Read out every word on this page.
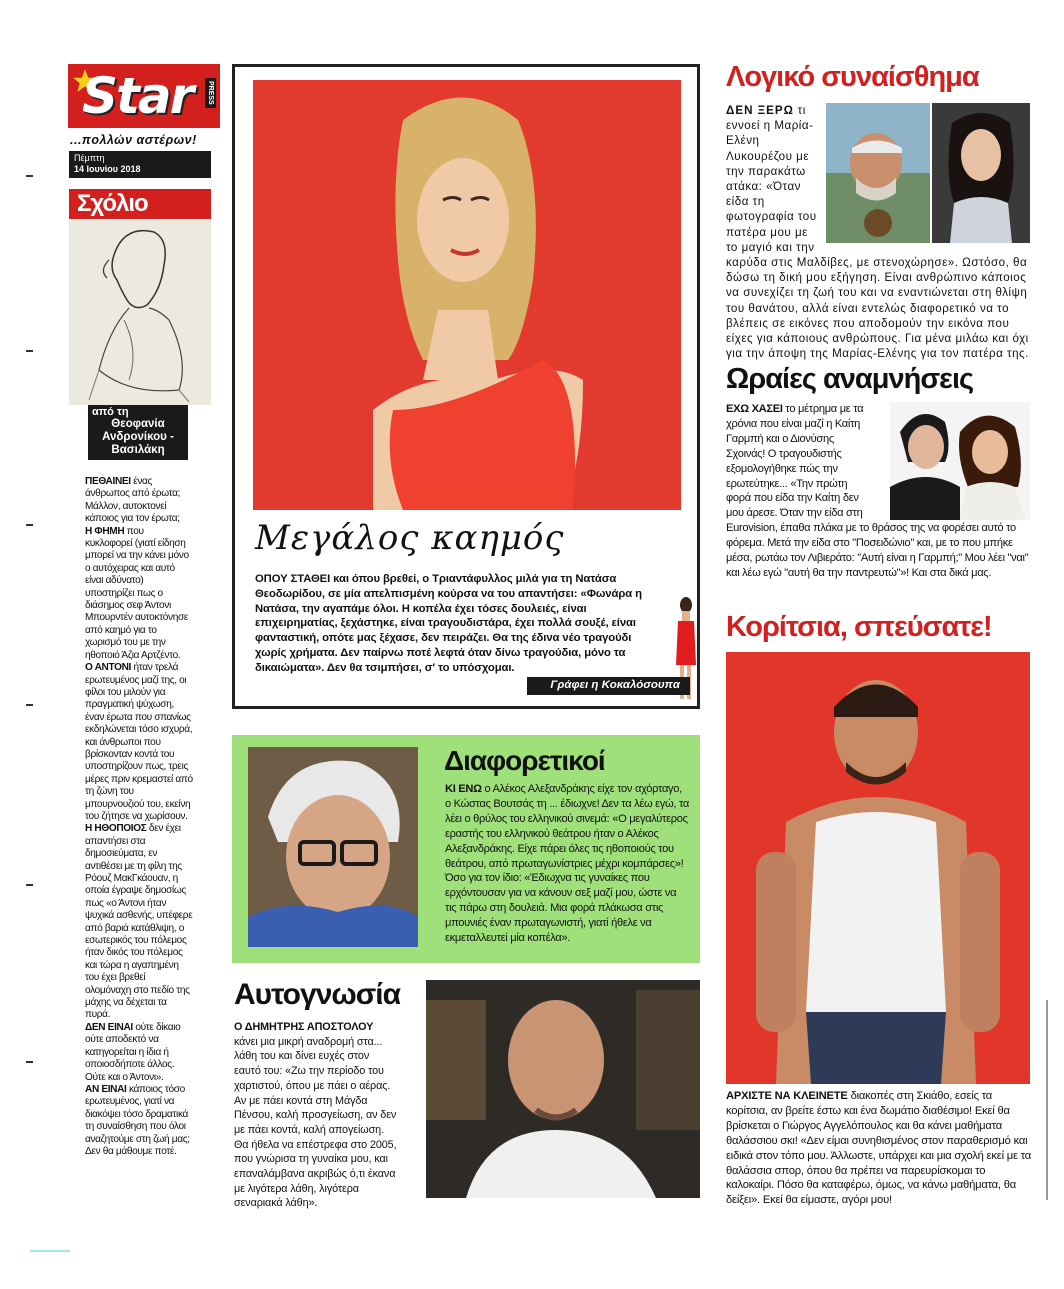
Star PRESS
...πολλών αστέρων!
Πέμπτη
14 Ιουνίου 2018
Σχόλιο
από τη
Θεοφανία Ανδρονίκου - Βασιλάκη

ΠΕΘΑΙΝΕΙ ένας άνθρωπος από έρωτα; Μάλλον, αυτοκτονεί κάποιος για τον έρωτα;

Η ΦΗΜΗ που κυκλοφορεί (γιατί είδηση μπορεί να την κάνει μόνο ο αυτόχειρας και αυτό είναι αδύνατο) υποστηρίζει πως ο διάσημος σεφ Άντονι Μπουρντέν αυτοκτόνησε από καημό για το χωρισμό του με την ηθοποιό Άζια Αρτζέντο.

Ο ΑΝΤΟΝΙ ήταν τρελά ερωτευμένος μαζί της, οι φίλοι του μιλούν για πραγματική ψύχωση, έναν έρωτα που σπανίως εκδηλώνεται τόσο ισχυρά, και άνθρωποι που βρίσκονταν κοντά του υποστηρίζουν πως, τρεις μέρες πριν κρεμαστεί από τη ζώνη του μπουρνουζιού του, εκείνη του ζήτησε να χωρίσουν.

Η ΗΘΟΠΟΙΟΣ δεν έχει απαντήσει στα δημοσιεύματα, εν αντιθέσει με τη φίλη της Ρόουζ ΜακΓκάουαν, η οποία έγραψε δημοσίως πως «ο Άντονι ήταν ψυχικά ασθενής, υπέφερε από βαριά κατάθλιψη, ο εσωτερικός του πόλεμος ήταν δικός του πόλεμος και τώρα η αγαπημένη του έχει βρεθεί ολομόναχη στο πεδίο της μάχης να δέχεται τα πυρά.

ΔΕΝ ΕΙΝΑΙ ούτε δίκαιο ούτε αποδεκτό να κατηγορείται η ίδια ή οποιοσδήποτε άλλος. Ούτε και ο Άντονι».

ΑΝ ΕΙΝΑΙ κάποιος τόσο ερωτευμένος, γιατί να διακόψει τόσο δραματικά τη συναίσθηση που όλοι αναζητούμε στη ζωή μας; Δεν θα μάθουμε ποτέ.

Μεγάλος καημός
ΟΠΟΥ ΣΤΑΘΕΙ και όπου βρεθεί, ο Τριαντάφυλλος μιλά για τη Νατάσα Θεοδωρίδου, σε μία απελπισμένη κούρσα να του απαντήσει: «Φωνάρα η Νατάσα, την αγαπάμε όλοι. Η κοπέλα έχει τόσες δουλειές, είναι επιχειρηματίας, ξεχάστηκε, είναι τραγουδιστάρα, έχει πολλά σουξέ, είναι φανταστική, οπότε μας ξέχασε, δεν πειράζει. Θα της έδινα νέο τραγούδι χωρίς χρήματα. Δεν παίρνω ποτέ λεφτά όταν δίνω τραγούδια, μόνο τα δικαιώματα». Δεν θα τσιμπήσει, σ' το υπόσχομαι.
Γράφει η Κοκαλόσουπα
Διαφορετικοί
ΚΙ ΕΝΩ ο Αλέκος Αλεξανδράκης είχε τον αχόρταγο, ο Κώστας Βουτσάς τη ... έδιωχνε! Δεν τα λέω εγώ, τα λέει ο θρύλος του ελληνικού σινεμά: «Ο μεγαλύτερος εραστής του ελληνικού θεάτρου ήταν ο Αλέκος Αλεξανδράκης. Είχε πάρει όλες τις ηθοποιούς του θεάτρου, από πρωταγωνίστριες μέχρι κομπάρσες»! Όσο για τον ίδιο: «Έδιωχνα τις γυναίκες που ερχόντουσαν για να κάνουν σεξ μαζί μου, ώστε να τις πάρω στη δουλειά. Μια φορά πλάκωσα στις μπουνιές έναν πρωταγωνιστή, γιατί ήθελε να εκμεταλλευτεί μία κοπέλα».
Αυτογνωσία
Ο ΔΗΜΗΤΡΗΣ ΑΠΟΣΤΟΛΟΥ κάνει μια μικρή αναδρομή στα... λάθη του και δίνει ευχές στον εαυτό του: «Ζω την περίοδο του χαρτιστού, όπου με πάει ο αέρας. Αν με πάει κοντά στη Μάγδα Πένσου, καλή προσγείωση, αν δεν με πάει κοντά, καλή απογείωση. Θα ήθελα να επέστρεφα στο 2005, που γνώρισα τη γυναίκα μου, και επαναλάμβανα ακριβώς ό,τι έκανα με λιγότερα λάθη, λιγότερα σεναριακά λάθη».
Λογικό συναίσθημα
ΔΕΝ ΞΕΡΩ τι εννοεί η Μαρία-Ελένη Λυκουρέζου με την παρακάτω ατάκα: «Όταν είδα τη φωτογραφία του πατέρα μου με το μαγιό και την καρύδα στις Μαλδίβες, με στενοχώρησε». Ωστόσο, θα δώσω τη δική μου εξήγηση. Είναι ανθρώπινο κάποιος να συνεχίζει τη ζωή του και να εναντιώνεται στη θλίψη του θανάτου, αλλά είναι εντελώς διαφορετικό να το βλέπεις σε εικόνες που αποδομούν την εικόνα που είχες για κάποιους ανθρώπους. Για μένα μιλάω και όχι για την άποψη της Μαρίας-Ελένης για τον πατέρα της.
Ωραίες αναμνήσεις
ΕΧΩ ΧΑΣΕΙ το μέτρημα με τα χρόνια που είναι μαζί η Καίτη Γαρμπή και ο Διονύσης Σχοινάς! Ο τραγουδιστής εξομολογήθηκε πώς την ερωτεύτηκε... «Την πρώτη φορά που είδα την Καίτη δεν μου άρεσε. Όταν την είδα στη Eurovision, έπαθα πλάκα με το θράσος της να φορέσει αυτό το φόρεμα. Μετά την είδα στο "Ποσειδώνιο" και, με το που μπήκε μέσα, ρωτάω τον Λιβιεράτο: "Αυτή είναι η Γαρμπή;" Μου λέει "ναι" και λέω εγώ "αυτή θα την παντρευτώ"»! Και στα δικά μας.
Κορίτσια, σπεύσατε!
ΑΡΧΙΣΤΕ ΝΑ ΚΛΕΙΝΕΤΕ διακοπές στη Σκιάθο, εσείς τα κορίτσια, αν βρείτε έστω και ένα δωμάτιο διαθέσιμο! Εκεί θα βρίσκεται ο Γιώργος Αγγελόπουλος και θα κάνει μαθήματα θαλάσσιου σκι! «Δεν είμαι συνηθισμένος στον παραθερισμό και ειδικά στον τόπο μου. Άλλωστε, υπάρχει και μια σχολή εκεί με τα θαλάσσια σπορ, όπου θα πρέπει να παρευρίσκομαι το καλοκαίρι. Πόσο θα καταφέρω, όμως, να κάνω μαθήματα, θα δείξει». Εκεί θα είμαστε, αγόρι μου!
